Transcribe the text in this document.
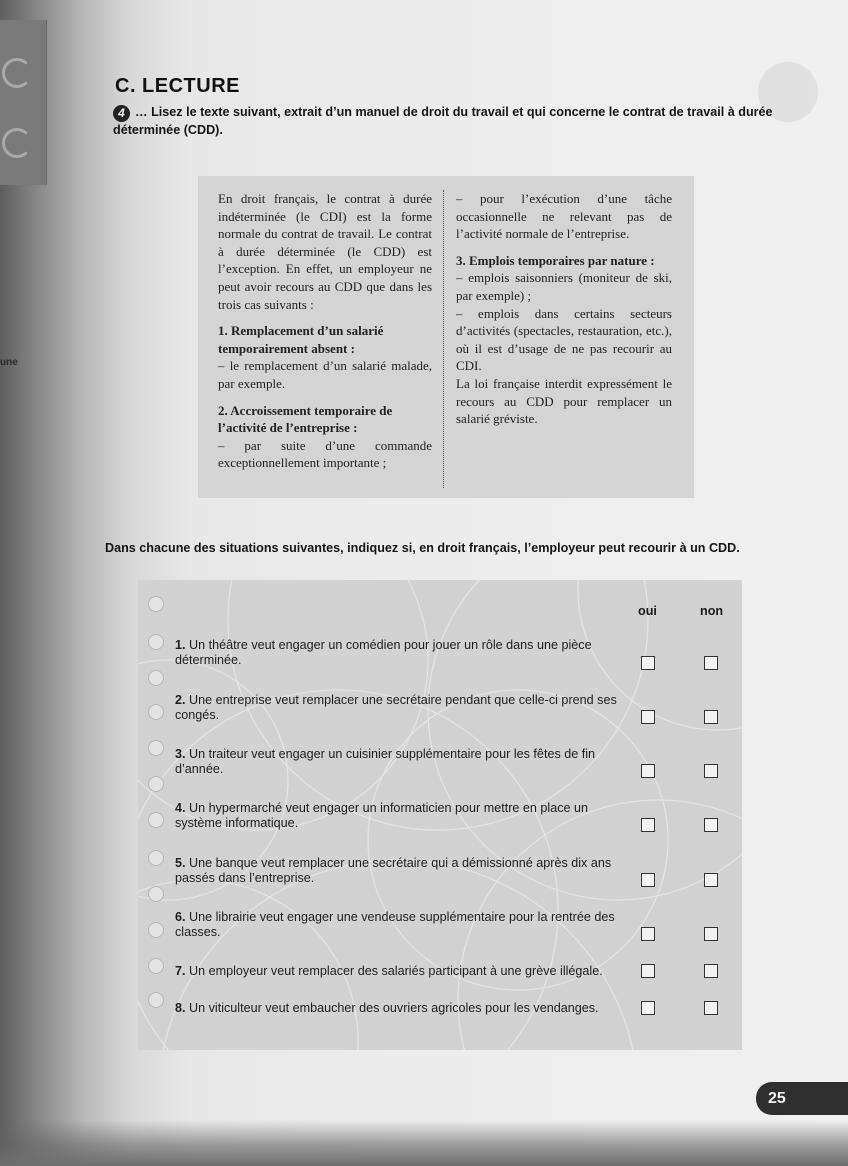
une
C. LECTURE
4 … Lisez le texte suivant, extrait d’un manuel de droit du travail et qui concerne le contrat de travail à durée déterminée (CDD).

En droit français, le contrat à durée indéterminée (le CDI) est la forme normale du contrat de travail. Le contrat à durée déterminée (le CDD) est l’exception. En effet, un employeur ne peut avoir recours au CDD que dans les trois cas suivants :

1. Remplacement d’un salarié temporairement absent :

– le remplacement d’un salarié malade, par exemple.

2. Accroissement temporaire de l’activité de l’entreprise :

– par suite d’une commande exceptionnellement importante ;

– pour l’exécution d’une tâche occasionnelle ne relevant pas de l’activité normale de l’entreprise.

3. Emplois temporaires par nature :

– emplois saisonniers (moniteur de ski, par exemple) ;

– emplois dans certains secteurs d’activités (spectacles, restauration, etc.), où il est d’usage de ne pas recourir au CDI.

La loi française interdit expressément le recours au CDD pour remplacer un salarié gréviste.

Dans chacune des situations suivantes, indiquez si, en droit français, l’employeur peut recourir à un CDD.
oui	non
1. Un théâtre veut engager un comédien pour jouer un rôle dans une pièce déterminée.
2. Une entreprise veut remplacer une secrétaire pendant que celle-ci prend ses congés.
3. Un traiteur veut engager un cuisinier supplémentaire pour les fêtes de fin d’année.
4. Un hypermarché veut engager un informaticien pour mettre en place un système informatique.
5. Une banque veut remplacer une secrétaire qui a démissionné après dix ans passés dans l’entreprise.
6. Une librairie veut engager une vendeuse supplémentaire pour la rentrée des classes.
7. Un employeur veut remplacer des salariés participant à une grève illégale.
8. Un viticulteur veut embaucher des ouvriers agricoles pour les vendanges.
25
